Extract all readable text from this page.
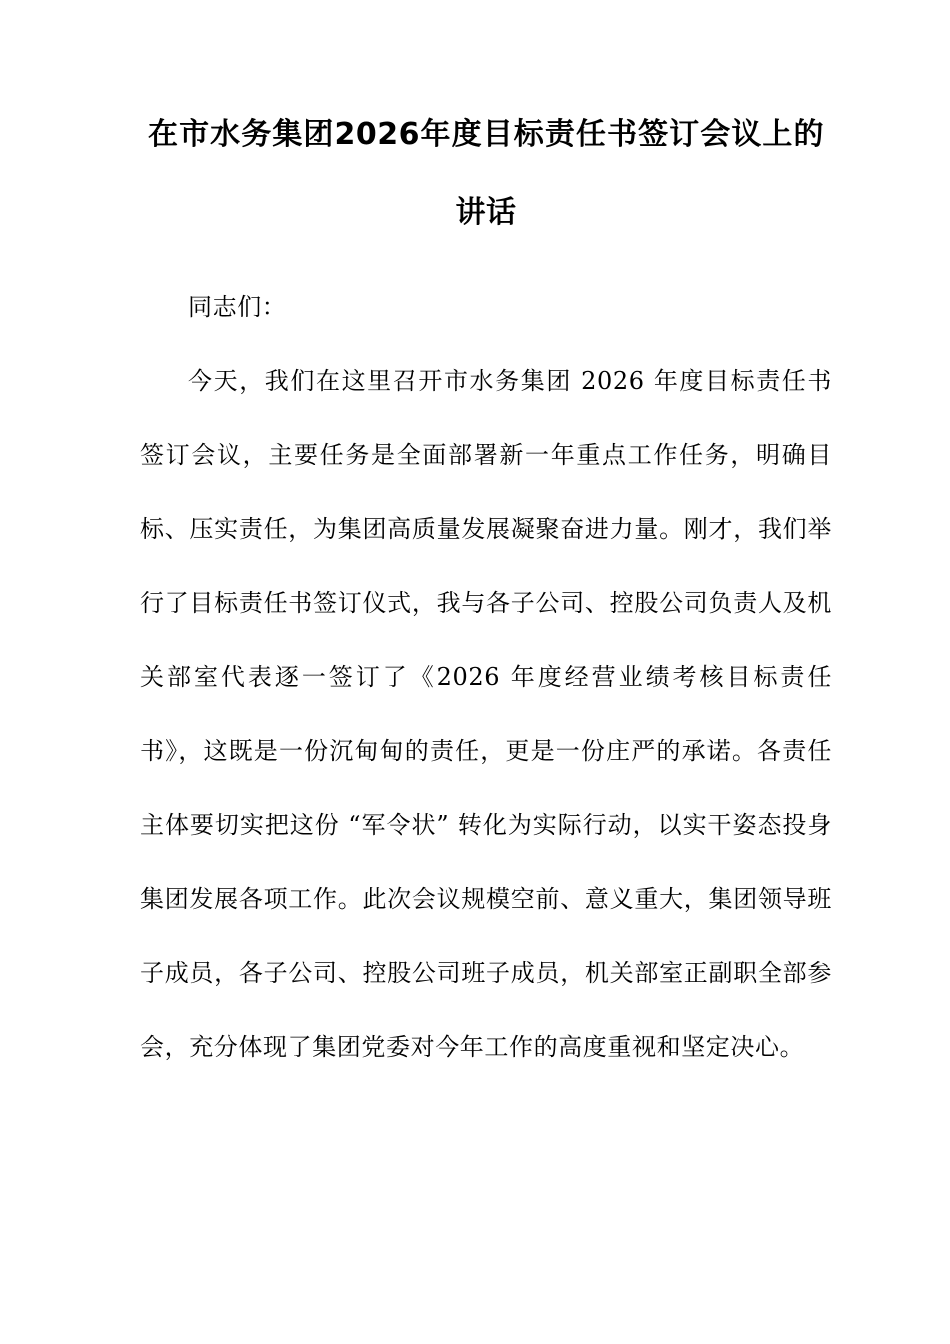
在市水务集团2026年度目标责任书签订会议上的讲话

同志们：

今天，我们在这里召开市水务集团 2026 年度目标责任书签订会议，主要任务是全面部署新一年重点工作任务，明确目标、压实责任，为集团高质量发展凝聚奋进力量。刚才，我们举行了目标责任书签订仪式，我与各子公司、控股公司负责人及机关部室代表逐一签订了《2026 年度经营业绩考核目标责任书》，这既是一份沉甸甸的责任，更是一份庄严的承诺。各责任主体要切实把这份 “军令状” 转化为实际行动，以实干姿态投身集团发展各项工作。此次会议规模空前、意义重大，集团领导班子成员，各子公司、控股公司班子成员，机关部室正副职全部参会，充分体现了集团党委对今年工作的高度重视和坚定决心。
